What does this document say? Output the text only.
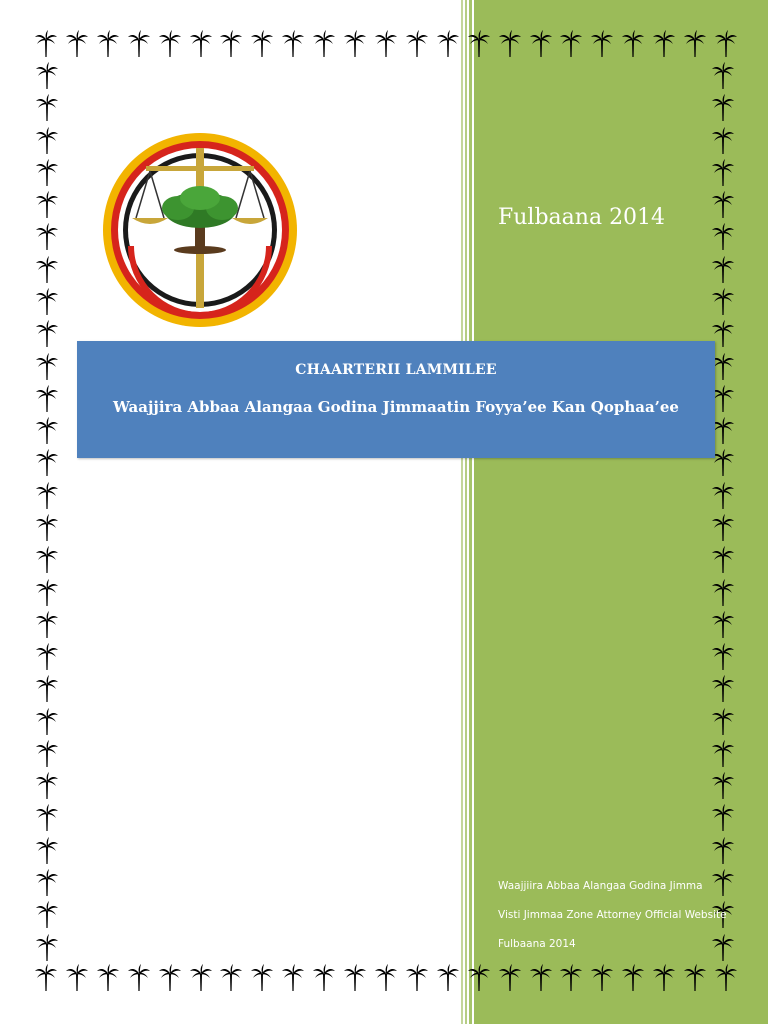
Fulbaana 2014
CHAARTERII LAMMILEE
Waajjira Abbaa Alangaa Godina Jimmaatin Foyya’ee Kan Qophaa’ee
Waajjiira Abbaa Alangaa Godina Jimma
Visti Jimmaa Zone Attorney Official Website
Fulbaana 2014
